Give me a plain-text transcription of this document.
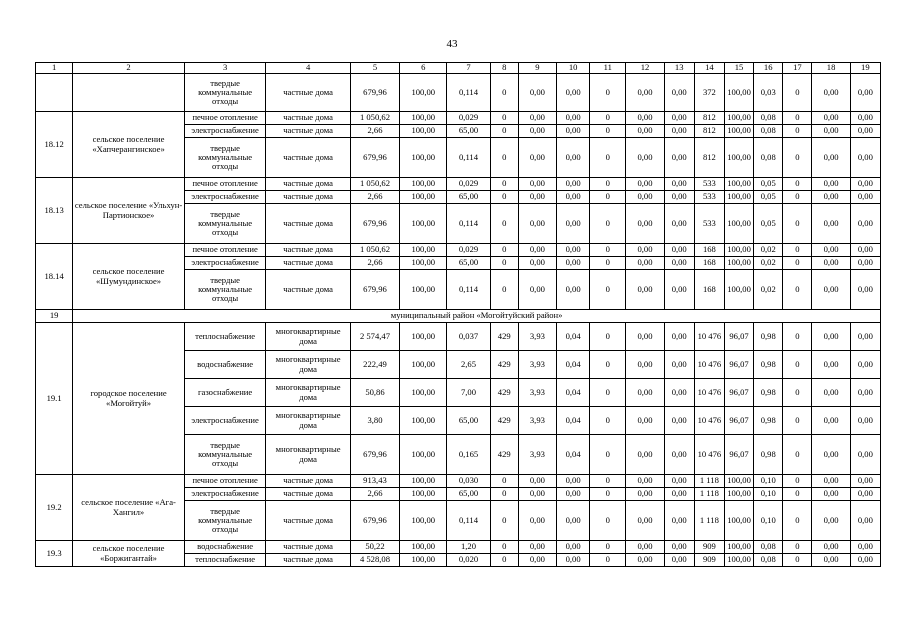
43
1	2	3	4	5	6	7	8	9	10	11	12	13	14	15	16	17	18	19
		твердые коммунальные отходы	частные дома	679,96	100,00	0,114	0	0,00	0,00	0	0,00	0,00	372	100,00	0,03	0	0,00	0,00
18.12	сельское поселение «Хапчерангинское»	печное отопление	частные дома	1 050,62	100,00	0,029	0	0,00	0,00	0	0,00	0,00	812	100,00	0,08	0	0,00	0,00
		электроснабжение	частные дома	2,66	100,00	65,00	0	0,00	0,00	0	0,00	0,00	812	100,00	0,08	0	0,00	0,00
		твердые коммунальные отходы	частные дома	679,96	100,00	0,114	0	0,00	0,00	0	0,00	0,00	812	100,00	0,08	0	0,00	0,00
18.13	сельское поселение «Ульхун-Партионское»	печное отопление	частные дома	1 050,62	100,00	0,029	0	0,00	0,00	0	0,00	0,00	533	100,00	0,05	0	0,00	0,00
		электроснабжение	частные дома	2,66	100,00	65,00	0	0,00	0,00	0	0,00	0,00	533	100,00	0,05	0	0,00	0,00
		твердые коммунальные отходы	частные дома	679,96	100,00	0,114	0	0,00	0,00	0	0,00	0,00	533	100,00	0,05	0	0,00	0,00
18.14	сельское поселение «Шумундинское»	печное отопление	частные дома	1 050,62	100,00	0,029	0	0,00	0,00	0	0,00	0,00	168	100,00	0,02	0	0,00	0,00
		электроснабжение	частные дома	2,66	100,00	65,00	0	0,00	0,00	0	0,00	0,00	168	100,00	0,02	0	0,00	0,00
		твердые коммунальные отходы	частные дома	679,96	100,00	0,114	0	0,00	0,00	0	0,00	0,00	168	100,00	0,02	0	0,00	0,00
19	муниципальный район «Могойтуйский район»																	
19.1	городское поселение «Могойтуй»	теплоснабжение	многоквартирные дома	2 574,47	100,00	0,037	429	3,93	0,04	0	0,00	0,00	10 476	96,07	0,98	0	0,00	0,00
		водоснабжение	многоквартирные дома	222,49	100,00	2,65	429	3,93	0,04	0	0,00	0,00	10 476	96,07	0,98	0	0,00	0,00
		газоснабжение	многоквартирные дома	50,86	100,00	7,00	429	3,93	0,04	0	0,00	0,00	10 476	96,07	0,98	0	0,00	0,00
		электроснабжение	многоквартирные дома	3,80	100,00	65,00	429	3,93	0,04	0	0,00	0,00	10 476	96,07	0,98	0	0,00	0,00
		твердые коммунальные отходы	многоквартирные дома	679,96	100,00	0,165	429	3,93	0,04	0	0,00	0,00	10 476	96,07	0,98	0	0,00	0,00
19.2	сельское поселение «Ага-Хангил»	печное отопление	частные дома	913,43	100,00	0,030	0	0,00	0,00	0	0,00	0,00	1 118	100,00	0,10	0	0,00	0,00
		электроснабжение	частные дома	2,66	100,00	65,00	0	0,00	0,00	0	0,00	0,00	1 118	100,00	0,10	0	0,00	0,00
		твердые коммунальные отходы	частные дома	679,96	100,00	0,114	0	0,00	0,00	0	0,00	0,00	1 118	100,00	0,10	0	0,00	0,00
19.3	сельское поселение «Боржигантай»	водоснабжение	частные дома	50,22	100,00	1,20	0	0,00	0,00	0	0,00	0,00	909	100,00	0,08	0	0,00	0,00
		теплоснабжение	частные дома	4 528,08	100,00	0,020	0	0,00	0,00	0	0,00	0,00	909	100,00	0,08	0	0,00	0,00
